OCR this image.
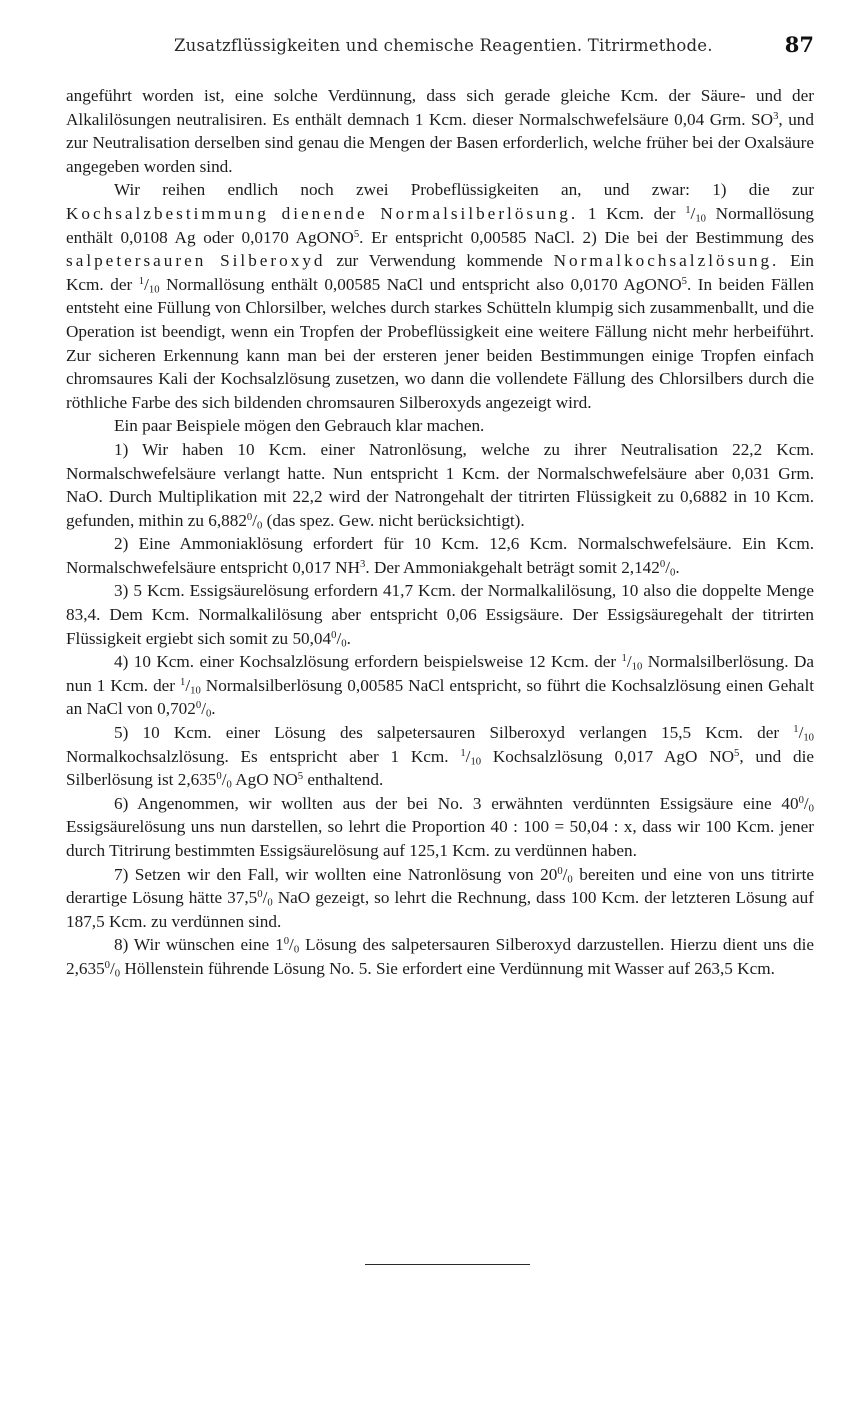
Zusatzflüssigkeiten und chemische Reagentien. Titrirmethode.	87

angeführt worden ist, eine solche Verdünnung, dass sich gerade gleiche Kcm. der Säure- und der Alkalilösungen neutralisiren. Es enthält demnach 1 Kcm. dieser Normalschwefelsäure 0,04 Grm. $SO^3$, und zur Neutralisation derselben sind genau die Mengen der Basen erforderlich, welche früher bei der Oxalsäure angegeben worden sind.

Wir reihen endlich noch zwei Probeflüssigkeiten an, und zwar: 1) die zur Kochsalzbestimmung dienende Normalsilberlösung. 1 Kcm. der $^1/_{10}$ Normallösung enthält 0,0108 Ag oder 0,0170 AgONO$^5$. Er entspricht 0,00585 NaCl. 2) Die bei der Bestimmung des salpetersauren Silberoxyd zur Verwendung kommende Normalkochsalzlösung. Ein Kcm. der $^1/_{10}$ Normallösung enthält 0,00585 NaCl und entspricht also 0,0170 AgONO$^5$. In beiden Fällen entsteht eine Füllung von Chlorsilber, welches durch starkes Schütteln klumpig sich zusammenballt, und die Operation ist beendigt, wenn ein Tropfen der Probeflüssigkeit eine weitere Fällung nicht mehr herbeiführt. Zur sicheren Erkennung kann man bei der ersteren jener beiden Bestimmungen einige Tropfen einfach chromsaures Kali der Kochsalzlösung zusetzen, wo dann die vollendete Fällung des Chlorsilbers durch die röthliche Farbe des sich bildenden chromsauren Silberoxyds angezeigt wird.

Ein paar Beispiele mögen den Gebrauch klar machen.

1) Wir haben 10 Kcm. einer Natronlösung, welche zu ihrer Neutralisation 22,2 Kcm. Normalschwefelsäure verlangt hatte. Nun entspricht 1 Kcm. der Normalschwefelsäure aber 0,031 Grm. NaO. Durch Multiplikation mit 22,2 wird der Natrongehalt der titrirten Flüssigkeit zu 0,6882 in 10 Kcm. gefunden, mithin zu $6,882^0/_0$ (das spez. Gew. nicht berücksichtigt).

2) Eine Ammoniaklösung erfordert für 10 Kcm. 12,6 Kcm. Normalschwefelsäure. Ein Kcm. Normalschwefelsäure entspricht 0,017 $NH^3$. Der Ammoniakgehalt beträgt somit $2,142^0/_0$.

3) 5 Kcm. Essigsäurelösung erfordern 41,7 Kcm. der Normalkalilösung, 10 also die doppelte Menge 83,4. Dem Kcm. Normalkalilösung aber entspricht 0,06 Essigsäure. Der Essigsäuregehalt der titrirten Flüssigkeit ergiebt sich somit zu $50,04^0/_0$.

4) 10 Kcm. einer Kochsalzlösung erfordern beispielsweise 12 Kcm. der $^1/_{10}$ Normalsilberlösung. Da nun 1 Kcm. der $^1/_{10}$ Normalsilberlösung 0,00585 NaCl entspricht, so führt die Kochsalzlösung einen Gehalt an NaCl von $0,702^0/_0$.

5) 10 Kcm. einer Lösung des salpetersauren Silberoxyd verlangen 15,5 Kcm. der $^1/_{10}$ Normalkochsalzlösung. Es entspricht aber 1 Kcm. $^1/_{10}$ Kochsalzlösung 0,017 AgO $NO^5$, und die Silberlösung ist $2,635^0/_0$ AgO $NO^5$ enthaltend.

6) Angenommen, wir wollten aus der bei No. 3 erwähnten verdünnten Essigsäure eine $40^0/_0$ Essigsäurelösung uns nun darstellen, so lehrt die Proportion 40 : 100 = 50,04 : x, dass wir 100 Kcm. jener durch Titrirung bestimmten Essigsäurelösung auf 125,1 Kcm. zu verdünnen haben.

7) Setzen wir den Fall, wir wollten eine Natronlösung von $20^0/_0$ bereiten und eine von uns titrirte derartige Lösung hätte $37,5^0/_0$ NaO gezeigt, so lehrt die Rechnung, dass 100 Kcm. der letzteren Lösung auf 187,5 Kcm. zu verdünnen sind.

8) Wir wünschen eine $1^0/_0$ Lösung des salpetersauren Silberoxyd darzustellen. Hierzu dient uns die $2,635^0/_0$ Höllenstein führende Lösung No. 5. Sie erfordert eine Verdünnung mit Wasser auf 263,5 Kcm.
